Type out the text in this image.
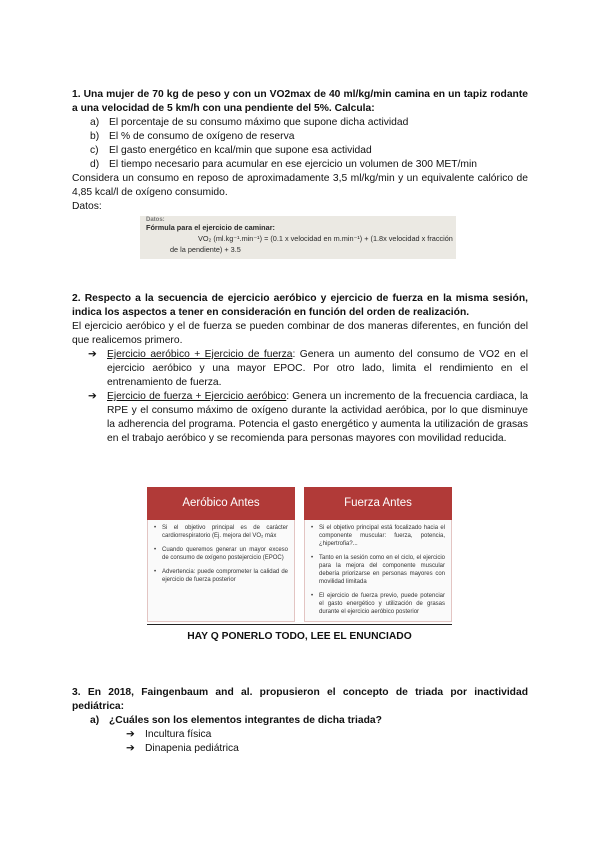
1. Una mujer de 70 kg de peso y con un VO2max de 40 ml/kg/min camina en un tapiz rodante a una velocidad de 5 km/h con una pendiente del 5%. Calcula:
a) El porcentaje de su consumo máximo que supone dicha actividad
b) El % de consumo de oxígeno de reserva
c) El gasto energético en kcal/min que supone esa actividad
d) El tiempo necesario para acumular en ese ejercicio un volumen de 300 MET/min
Considera un consumo en reposo de aproximadamente 3,5 ml/kg/min y un equivalente calórico de 4,85 kcal/l de oxígeno consumido.
Datos:
Datos:
Fórmula para el ejercicio de caminar:
VO₂ (ml.kg⁻¹.min⁻¹) = (0.1 x velocidad en m.min⁻¹) + (1.8x velocidad x fracción
de la pendiente) + 3.5
2. Respecto a la secuencia de ejercicio aeróbico y ejercicio de fuerza en la misma sesión, indica los aspectos a tener en consideración en función del orden de realización.
El ejercicio aeróbico y el de fuerza se pueden combinar de dos maneras diferentes, en función del que realicemos primero.
➔ Ejercicio aeróbico + Ejercicio de fuerza: Genera un aumento del consumo de VO2 en el ejercicio aeróbico y una mayor EPOC. Por otro lado, limita el rendimiento en el entrenamiento de fuerza.
➔ Ejercicio de fuerza + Ejercicio aeróbico: Genera un incremento de la frecuencia cardiaca, la RPE y el consumo máximo de oxígeno durante la actividad aeróbica, por lo que disminuye la adherencia del programa. Potencia el gasto energético y aumenta la utilización de grasas en el trabajo aeróbico y se recomienda para personas mayores con movilidad reducida.
Aeróbico Antes

• Si el objetivo principal es de carácter cardiorrespiratorio (Ej. mejora del VO₂ máx

• Cuando queremos generar un mayor exceso de consumo de oxígeno postejercicio (EPOC)

• Advertencia: puede comprometer la calidad de ejercicio de fuerza posterior

Fuerza Antes

• Si el objetivo principal está focalizado hacia el componente muscular: fuerza, potencia, ¿hipertrofia?...

• Tanto en la sesión como en el ciclo, el ejercicio para la mejora del componente muscular debería priorizarse en personas mayores con movilidad limitada

• El ejercicio de fuerza previo, puede potenciar el gasto energético y utilización de grasas durante el ejercicio aeróbico posterior

HAY Q PONERLO TODO, LEE EL ENUNCIADO
3. En 2018, Faingenbaum and al. propusieron el concepto de triada por inactividad pediátrica:
a) ¿Cuáles son los elementos integrantes de dicha triada?
➔ Incultura física
➔ Dinapenia pediátrica
